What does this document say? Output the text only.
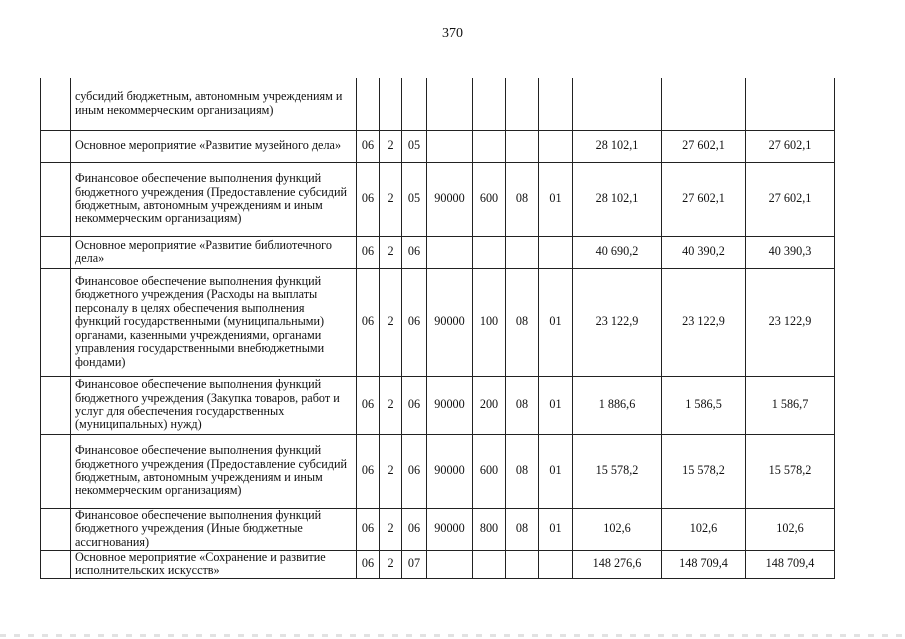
370
	субсидий бюджетным, автономным учреждениям и иным некоммерческим организациям)										
	Основное мероприятие «Развитие музейного дела»	06	2	05					28 102,1	27 602,1	27 602,1
	Финансовое обеспечение выполнения функций бюджетного учреждения (Предоставление субсидий бюджетным, автономным учреждениям и иным некоммерческим организациям)	06	2	05	90000	600	08	01	28 102,1	27 602,1	27 602,1
	Основное мероприятие «Развитие библиотечного дела»	06	2	06					40 690,2	40 390,2	40 390,3
	Финансовое обеспечение выполнения функций бюджетного учреждения (Расходы на выплаты персоналу в целях обеспечения выполнения функций государственными (муниципальными) органами, казенными учреждениями, органами управления государственными внебюджетными фондами)	06	2	06	90000	100	08	01	23 122,9	23 122,9	23 122,9
	Финансовое обеспечение выполнения функций бюджетного учреждения (Закупка товаров, работ и услуг для обеспечения государственных (муниципальных) нужд)	06	2	06	90000	200	08	01	1 886,6	1 586,5	1 586,7
	Финансовое обеспечение выполнения функций бюджетного учреждения (Предоставление субсидий бюджетным, автономным учреждениям и иным некоммерческим организациям)	06	2	06	90000	600	08	01	15 578,2	15 578,2	15 578,2
	Финансовое обеспечение выполнения функций бюджетного учреждения (Иные бюджетные ассигнования)	06	2	06	90000	800	08	01	102,6	102,6	102,6
	Основное мероприятие «Сохранение и развитие исполнительских искусств»	06	2	07					148 276,6	148 709,4	148 709,4
